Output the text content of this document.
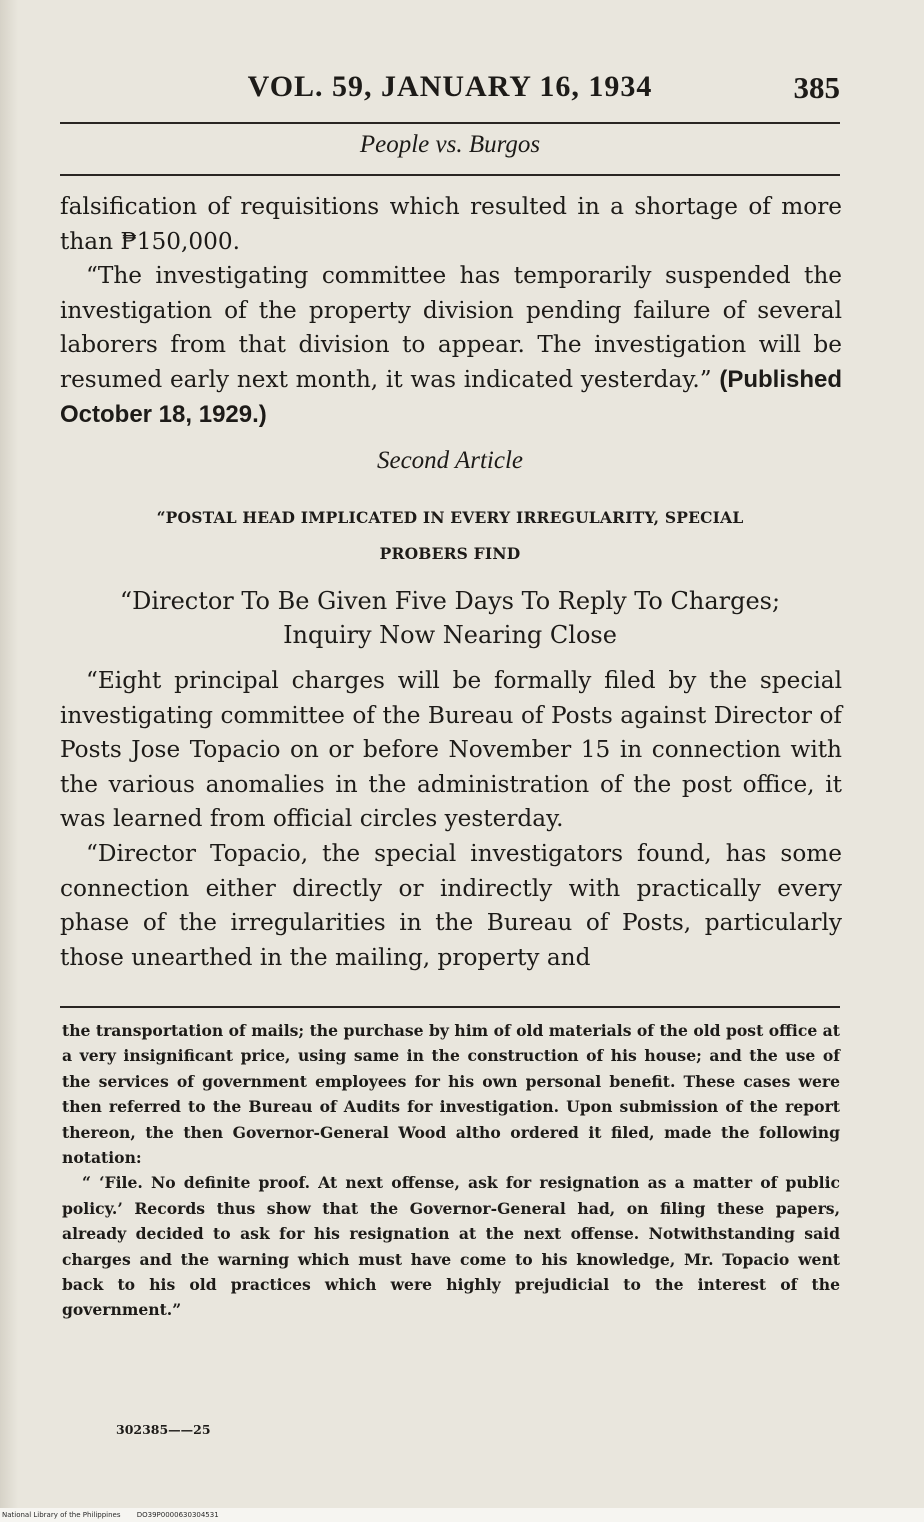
VOL. 59, JANUARY 16, 1934	385
People vs. Burgos

falsification of requisitions which resulted in a shortage of more than ₱150,000.

“The investigating committee has temporarily suspended the investigation of the property division pending failure of several laborers from that division to appear. The investigation will be resumed early next month, it was indicated yesterday.” (Published October 18, 1929.)

Second Article
“POSTAL HEAD IMPLICATED IN EVERY IRREGULARITY, SPECIAL
PROBERS FIND
“Director To Be Given Five Days To Reply To Charges;
Inquiry Now Nearing Close

“Eight principal charges will be formally filed by the special investigating committee of the Bureau of Posts against Director of Posts Jose Topacio on or before November 15 in connection with the various anomalies in the administration of the post office, it was learned from official circles yesterday.

“Director Topacio, the special investigators found, has some connection either directly or indirectly with practically every phase of the irregularities in the Bureau of Posts, particularly those unearthed in the mailing, property and

the transportation of mails; the purchase by him of old materials of the old post office at a very insignificant price, using same in the construction of his house; and the use of the services of government employees for his own personal benefit. These cases were then referred to the Bureau of Audits for investigation. Upon submission of the report thereon, the then Governor-General Wood altho ordered it filed, made the following notation:

“ ‘File. No definite proof. At next offense, ask for resignation as a matter of public policy.’ Records thus show that the Governor-General had, on filing these papers, already decided to ask for his resignation at the next offense. Notwithstanding said charges and the warning which must have come to his knowledge, Mr. Topacio went back to his old practices which were highly prejudicial to the interest of the government.”

302385——25
National Library of the Philippines DO39P0000630304531
